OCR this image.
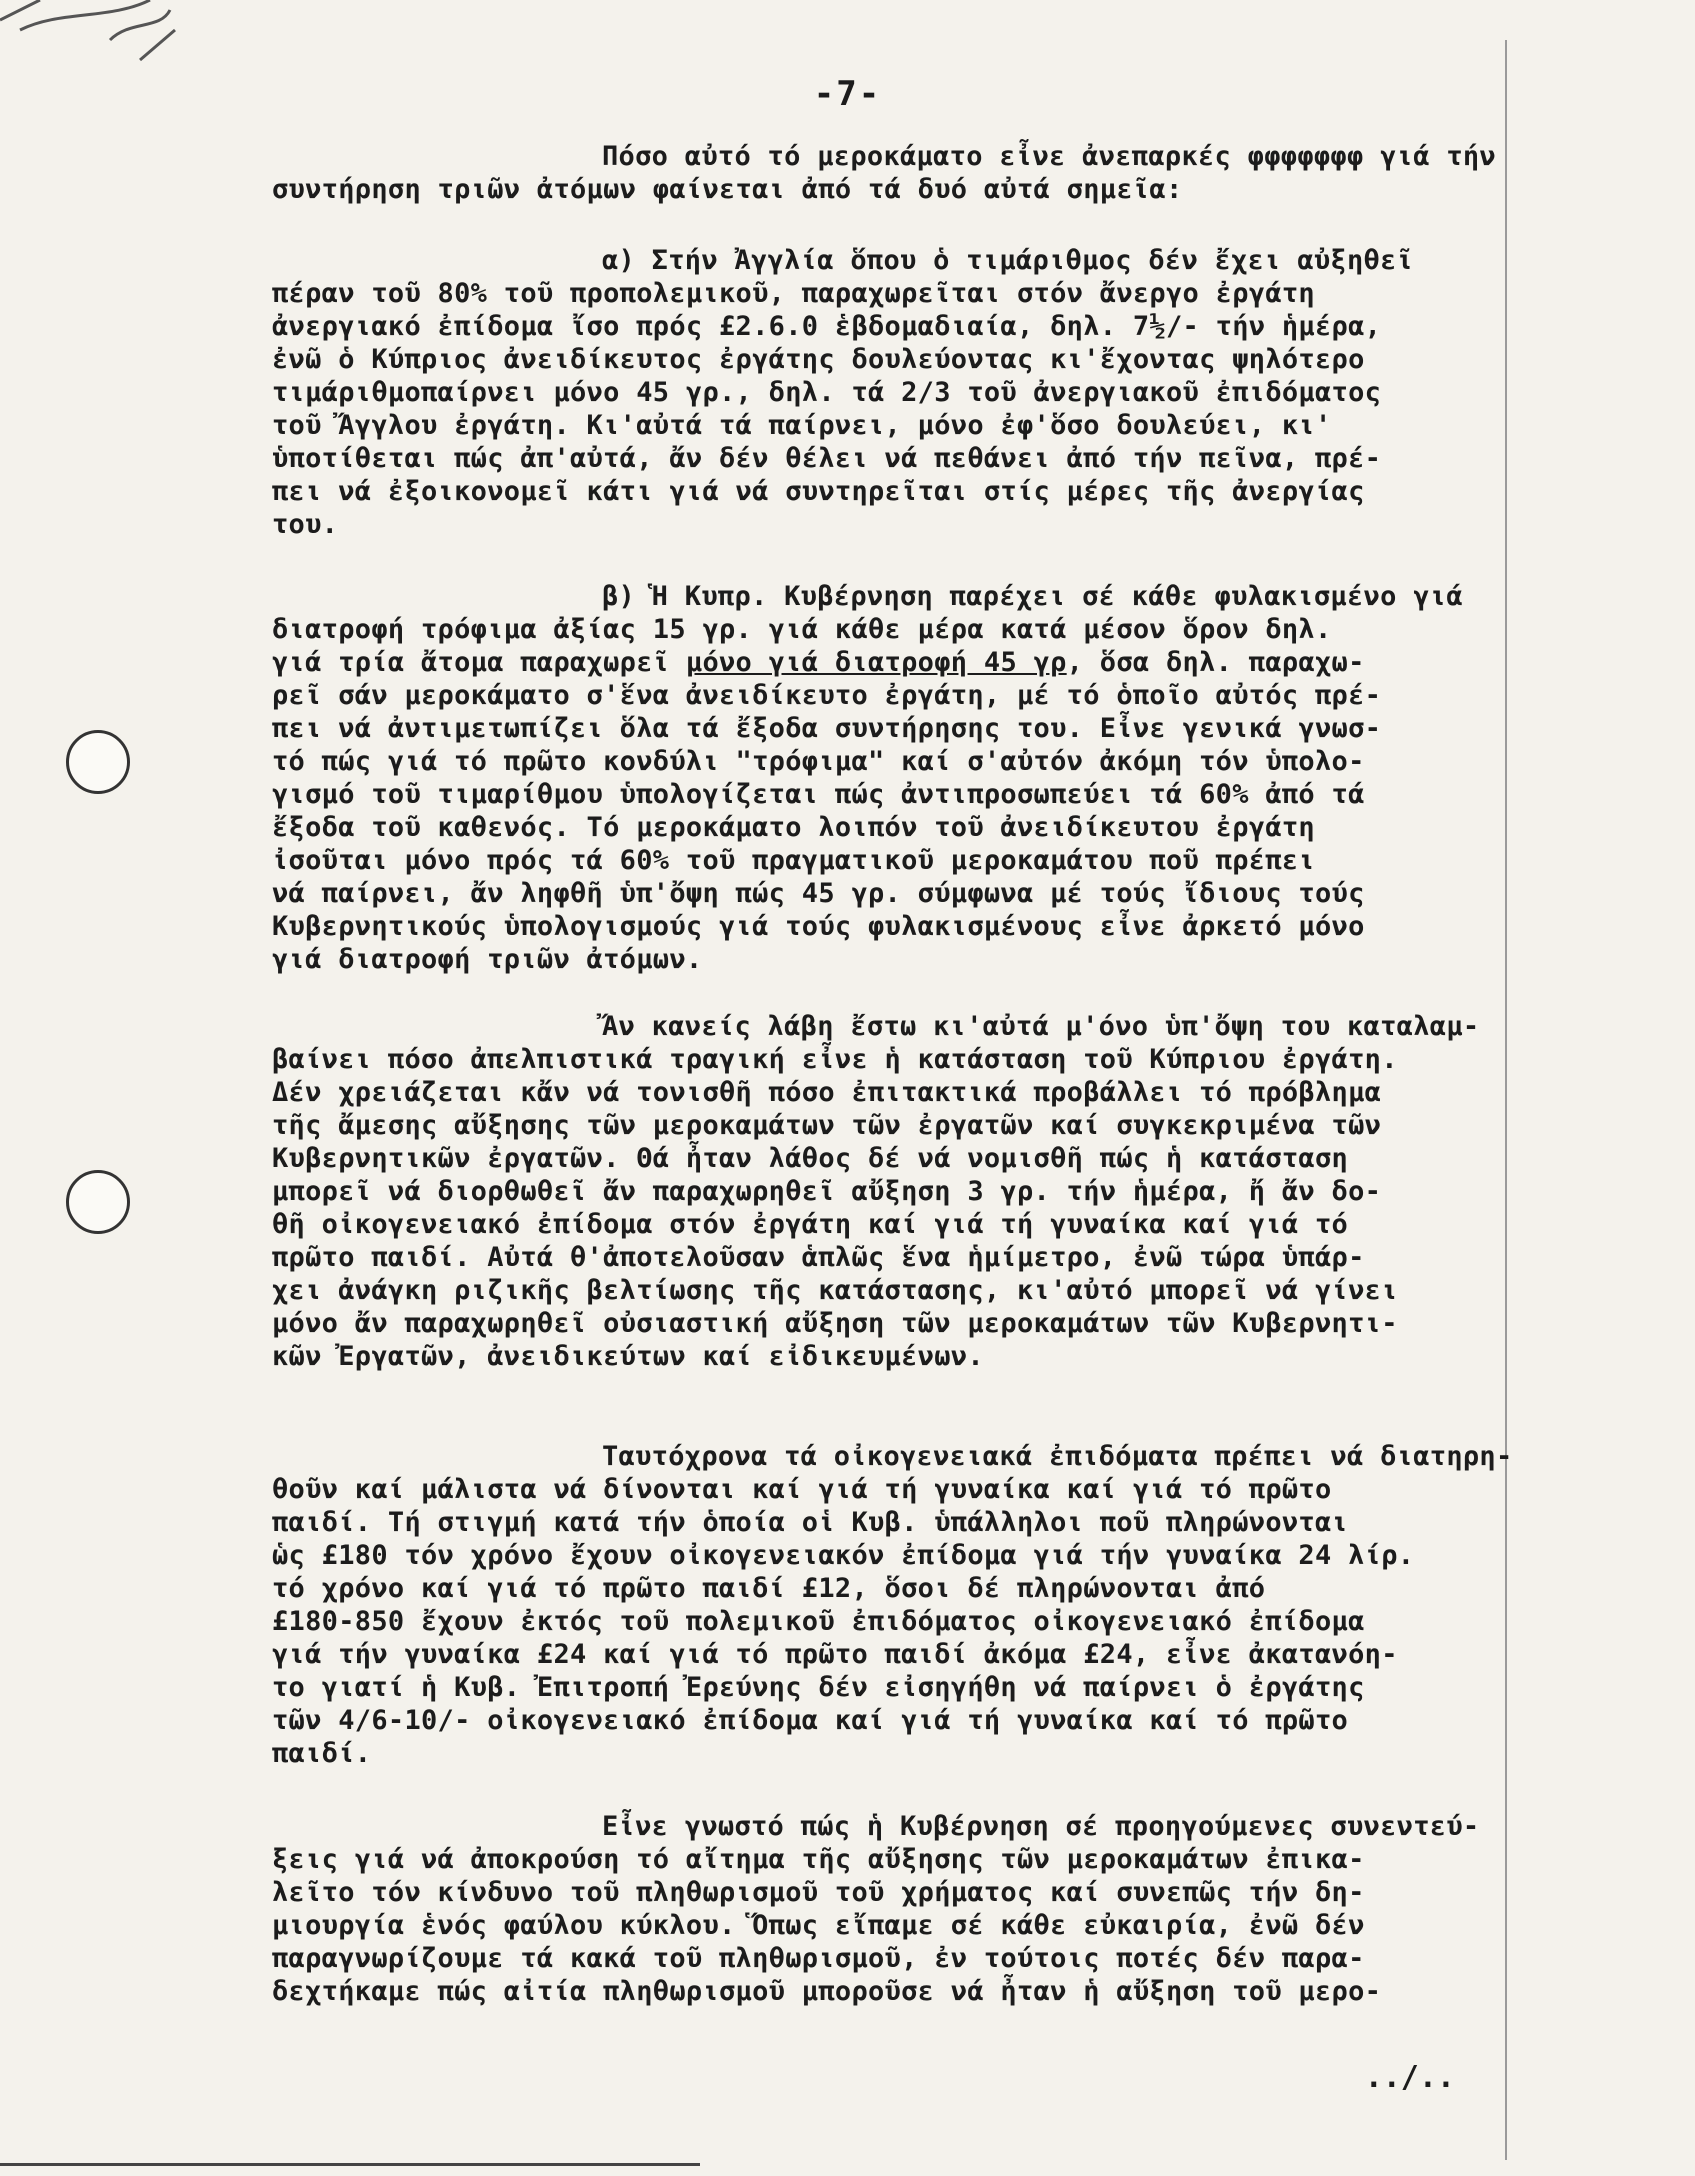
-7-
Πόσο αὐτό τό μεροκάματο εἶνε ἀνεπαρκές φφφφφφφ γιά τήν
συντήρηση τριῶν ἀτόμων φαίνεται ἀπό τά δυό αὐτά σημεῖα:
α) Στήν Ἀγγλία ὅπου ὁ τιμάριθμος δέν ἔχει αὐξηθεῖ
πέραν τοῦ 80% τοῦ προπολεμικοῦ, παραχωρεῖται στόν ἄνεργο ἐργάτη
ἀνεργιακό ἐπίδομα ἴσο πρός £2.6.0 ἑβδομαδιαία, δηλ. 7½/- τήν ἡμέρα,
ἐνῶ ὁ Κύπριος ἀνειδίκευτος ἐργάτης δουλεύοντας κι'ἔχοντας ψηλότερο
τιμάριθμοπαίρνει μόνο 45 γρ., δηλ. τά 2/3 τοῦ ἀνεργιακοῦ ἐπιδόματος
τοῦ Ἄγγλου ἐργάτη. Κι'αὐτά τά παίρνει, μόνο ἐφ'ὅσο δουλεύει, κι'
ὑποτίθεται πώς ἀπ'αὐτά, ἄν δέν θέλει νά πεθάνει ἀπό τήν πεῖνα, πρέ-
πει νά ἐξοικονομεῖ κάτι γιά νά συντηρεῖται στίς μέρες τῆς ἀνεργίας
του.
β) Ἡ Κυπρ. Κυβέρνηση παρέχει σέ κάθε φυλακισμένο γιά
διατροφή τρόφιμα ἀξίας 15 γρ. γιά κάθε μέρα κατά μέσον ὅρον δηλ.
γιά τρία ἄτομα παραχωρεῖ μόνο γιά διατροφή 45 γρ, ὅσα δηλ. παραχω-
ρεῖ σάν μεροκάματο σ'ἕνα ἀνειδίκευτο ἐργάτη, μέ τό ὁποῖο αὐτός πρέ-
πει νά ἀντιμετωπίζει ὅλα τά ἔξοδα συντήρησης του. Εἶνε γενικά γνωσ-
τό πώς γιά τό πρῶτο κονδύλι "τρόφιμα" καί σ'αὐτόν ἀκόμη τόν ὑπολο-
γισμό τοῦ τιμαρίθμου ὑπολογίζεται πώς ἀντιπροσωπεύει τά 60% ἀπό τά
ἔξοδα τοῦ καθενός. Τό μεροκάματο λοιπόν τοῦ ἀνειδίκευτου ἐργάτη
ἰσοῦται μόνο πρός τά 60% τοῦ πραγματικοῦ μεροκαμάτου ποῦ πρέπει
νά παίρνει, ἄν ληφθῆ ὑπ'ὄψη πώς 45 γρ. σύμφωνα μέ τούς ἴδιους τούς
Κυβερνητικούς ὑπολογισμούς γιά τούς φυλακισμένους εἶνε ἀρκετό μόνο
γιά διατροφή τριῶν ἀτόμων.
Ἄν κανείς λάβη ἔστω κι'αὐτά μ'όνο ὑπ'ὄψη του καταλαμ-
βαίνει πόσο ἀπελπιστικά τραγική εἶνε ἡ κατάσταση τοῦ Κύπριου ἐργάτη.
Δέν χρειάζεται κἄν νά τονισθῆ πόσο ἐπιτακτικά προβάλλει τό πρόβλημα
τῆς ἄμεσης αὔξησης τῶν μεροκαμάτων τῶν ἐργατῶν καί συγκεκριμένα τῶν
Κυβερνητικῶν ἐργατῶν. Θά ἦταν λάθος δέ νά νομισθῆ πώς ἡ κατάσταση
μπορεῖ νά διορθωθεῖ ἄν παραχωρηθεῖ αὔξηση 3 γρ. τήν ἡμέρα, ἤ ἄν δο-
θῆ οἰκογενειακό ἐπίδομα στόν ἐργάτη καί γιά τή γυναίκα καί γιά τό
πρῶτο παιδί. Αὐτά θ'ἀποτελοῦσαν ἁπλῶς ἕνα ἡμίμετρο, ἐνῶ τώρα ὑπάρ-
χει ἀνάγκη ριζικῆς βελτίωσης τῆς κατάστασης, κι'αὐτό μπορεῖ νά γίνει
μόνο ἄν παραχωρηθεῖ οὐσιαστική αὔξηση τῶν μεροκαμάτων τῶν Κυβερνητι-
κῶν Ἐργατῶν, ἀνειδικεύτων καί εἰδικευμένων.
Ταυτόχρονα τά οἰκογενειακά ἐπιδόματα πρέπει νά διατηρη-
θοῦν καί μάλιστα νά δίνονται καί γιά τή γυναίκα καί γιά τό πρῶτο
παιδί. Τή στιγμή κατά τήν ὁποία οἱ Κυβ. ὑπάλληλοι ποῦ πληρώνονται
ὡς £180 τόν χρόνο ἔχουν οἰκογενειακόν ἐπίδομα γιά τήν γυναίκα 24 λίρ.
τό χρόνο καί γιά τό πρῶτο παιδί £12, ὅσοι δέ πληρώνονται ἀπό
£180-850 ἔχουν ἐκτός τοῦ πολεμικοῦ ἐπιδόματος οἰκογενειακό ἐπίδομα
γιά τήν γυναίκα £24 καί γιά τό πρῶτο παιδί ἀκόμα £24, εἶνε ἀκατανόη-
το γιατί ἡ Κυβ. Ἐπιτροπή Ἐρεύνης δέν εἰσηγήθη νά παίρνει ὁ ἐργάτης
τῶν 4/6-10/- οἰκογενειακό ἐπίδομα καί γιά τή γυναίκα καί τό πρῶτο
παιδί.
Εἶνε γνωστό πώς ἡ Κυβέρνηση σέ προηγούμενες συνεντεύ-
ξεις γιά νά ἀποκρούση τό αἴτημα τῆς αὔξησης τῶν μεροκαμάτων ἐπικα-
λεῖτο τόν κίνδυνο τοῦ πληθωρισμοῦ τοῦ χρήματος καί συνεπῶς τήν δη-
μιουργία ἑνός φαύλου κύκλου. Ὅπως εἴπαμε σέ κάθε εὐκαιρία, ἐνῶ δέν
παραγνωρίζουμε τά κακά τοῦ πληθωρισμοῦ, ἐν τούτοις ποτές δέν παρα-
δεχτήκαμε πώς αἰτία πληθωρισμοῦ μποροῦσε νά ἦταν ἡ αὔξηση τοῦ μερο-
../..
